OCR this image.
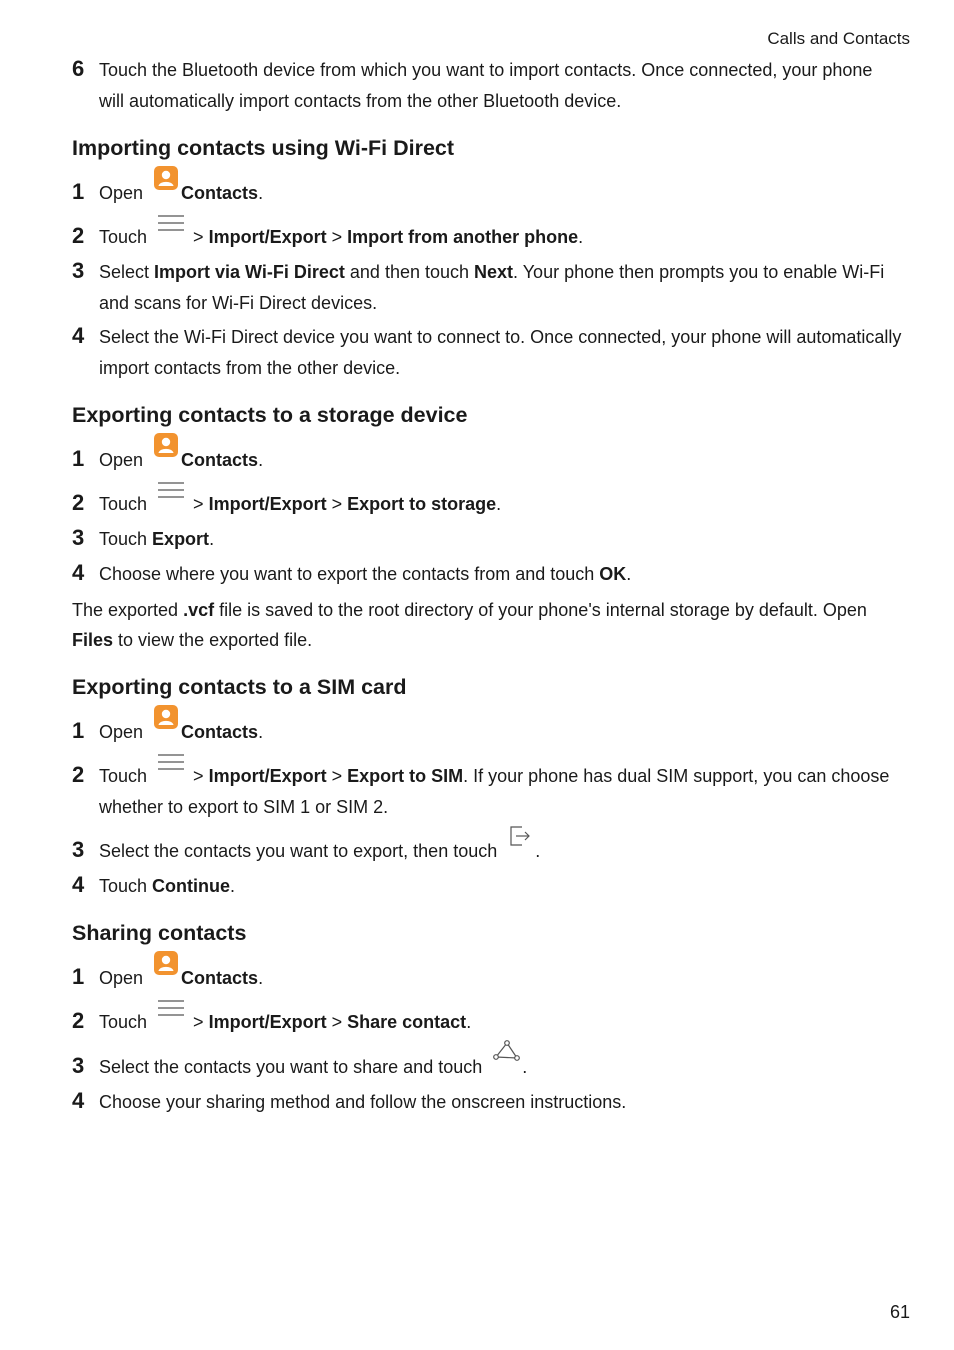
Calls and Contacts
6 Touch the Bluetooth device from which you want to import contacts. Once connected, your phone will automatically import contacts from the other Bluetooth device.
Importing contacts using Wi-Fi Direct
1 Open Contacts.
2 Touch	> Import/Export > Import from another phone.
3 Select Import via Wi-Fi Direct and then touch Next. Your phone then prompts you to enable Wi-Fi and scans for Wi-Fi Direct devices.
4 Select the Wi-Fi Direct device you want to connect to. Once connected, your phone will automatically import contacts from the other device.
Exporting contacts to a storage device
1 Open Contacts.
2 Touch	> Import/Export > Export to storage.
3 Touch Export.
4 Choose where you want to export the contacts from and touch OK.
The exported .vcf file is saved to the root directory of your phone's internal storage by default. Open Files to view the exported file.
Exporting contacts to a SIM card
1 Open Contacts.
2 Touch	> Import/Export > Export to SIM. If your phone has dual SIM support, you can choose whether to export to SIM 1 or SIM 2.
3 Select the contacts you want to export, then touch .
4 Touch Continue.
Sharing contacts
1 Open Contacts.
2 Touch	> Import/Export > Share contact.
3 Select the contacts you want to share and touch .
4 Choose your sharing method and follow the onscreen instructions.
61
